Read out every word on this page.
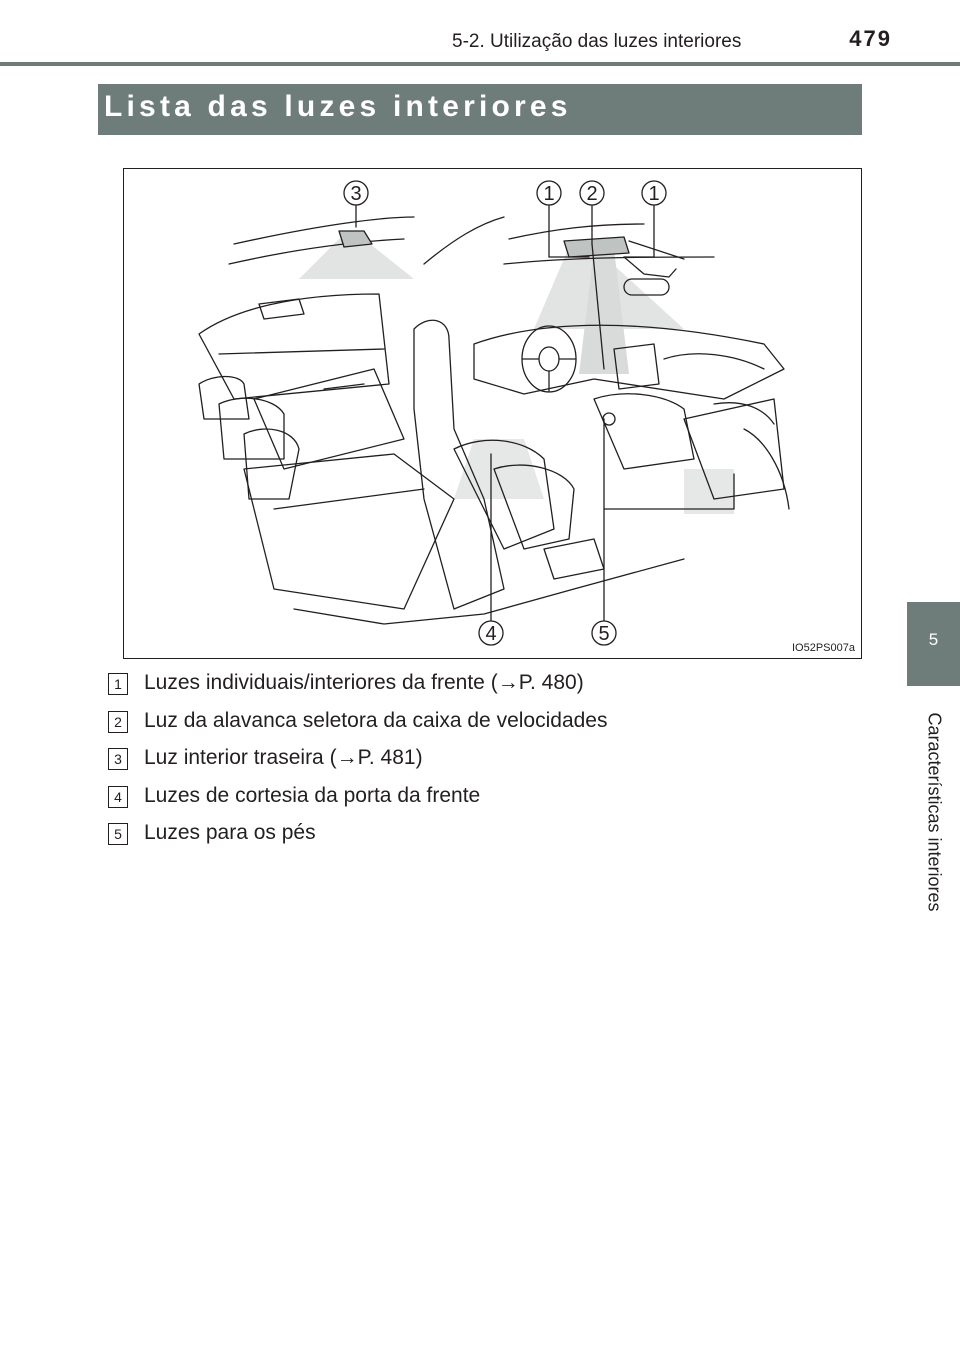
5-2. Utilização das luzes interiores	479
Lista das luzes interiores
5
Características interiores
3	1 2	1
4	5
IO52PS007a
1 Luzes individuais/interiores da frente (→P. 480)
2 Luz da alavanca seletora da caixa de velocidades
3 Luz interior traseira (→P. 481)
4 Luzes de cortesia da porta da frente
5 Luzes para os pés
